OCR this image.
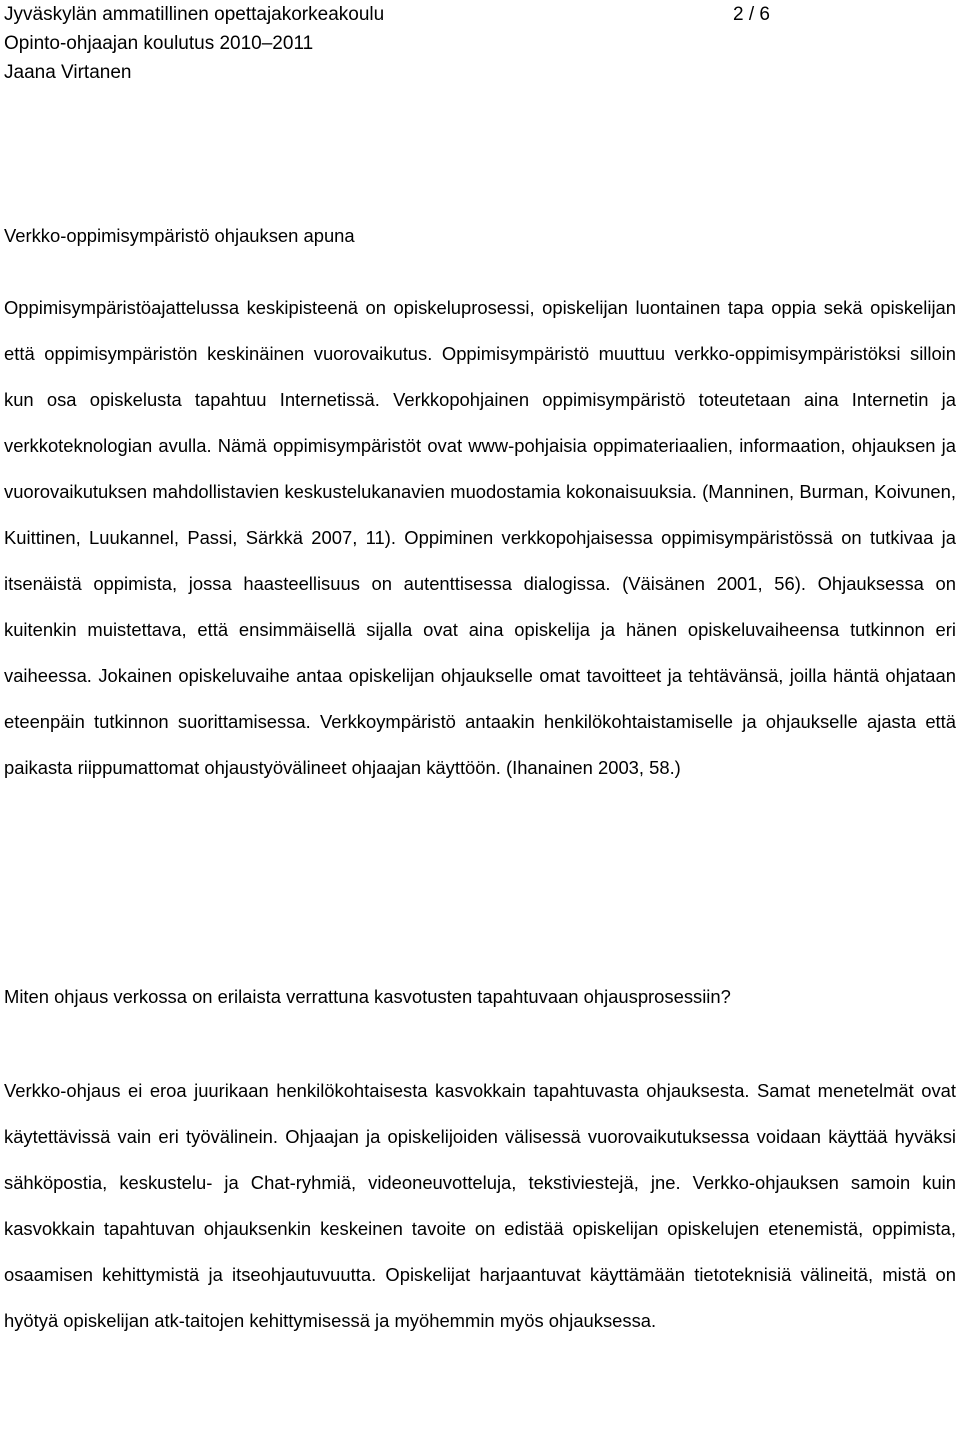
Jyväskylän ammatillinen opettajakorkeakoulu	2 / 6
Opinto-ohjaajan koulutus 2010–2011
Jaana Virtanen
Verkko-oppimisympäristö ohjauksen apuna
Oppimisympäristöajattelussa keskipisteenä on opiskeluprosessi, opiskelijan luontainen tapa oppia sekä opiskelijan että oppimisympäristön keskinäinen vuorovaikutus. Oppimisympäristö muuttuu verkko-oppimisympäristöksi silloin kun osa opiskelusta tapahtuu Internetissä. Verkkopohjainen oppimisympäristö toteutetaan aina Internetin ja verkkoteknologian avulla. Nämä oppimisympäristöt ovat www-pohjaisia oppimateriaalien, informaation, ohjauksen ja vuorovaikutuksen mahdollistavien keskustelukanavien muodostamia kokonaisuuksia. (Manninen, Burman, Koivunen, Kuittinen, Luukannel, Passi, Särkkä 2007, 11). Oppiminen verkkopohjaisessa oppimisympäristössä on tutkivaa ja itsenäistä oppimista, jossa haasteellisuus on autenttisessa dialogissa. (Väisänen 2001, 56). Ohjauksessa on kuitenkin muistettava, että ensimmäisellä sijalla ovat aina opiskelija ja hänen opiskeluvaiheensa tutkinnon eri vaiheessa. Jokainen opiskeluvaihe antaa opiskelijan ohjaukselle omat tavoitteet ja tehtävänsä, joilla häntä ohjataan eteenpäin tutkinnon suorittamisessa. Verkkoympäristö antaakin henkilökohtaistamiselle ja ohjaukselle ajasta että paikasta riippumattomat ohjaustyövälineet ohjaajan käyttöön. (Ihanainen 2003, 58.)
Miten ohjaus verkossa on erilaista verrattuna kasvotusten tapahtuvaan ohjausprosessiin?
Verkko-ohjaus ei eroa juurikaan henkilökohtaisesta kasvokkain tapahtuvasta ohjauksesta. Samat menetelmät ovat käytettävissä vain eri työvälinein. Ohjaajan ja opiskelijoiden välisessä vuorovaikutuksessa voidaan käyttää hyväksi sähköpostia, keskustelu- ja Chat-ryhmiä, videoneuvotteluja, tekstiviestejä, jne. Verkko-ohjauksen samoin kuin kasvokkain tapahtuvan ohjauksenkin keskeinen tavoite on edistää opiskelijan opiskelujen etenemistä, oppimista, osaamisen kehittymistä ja itseohjautuvuutta. Opiskelijat harjaantuvat käyttämään tietoteknisiä välineitä, mistä on hyötyä opiskelijan atk-taitojen kehittymisessä ja myöhemmin myös ohjauksessa.
